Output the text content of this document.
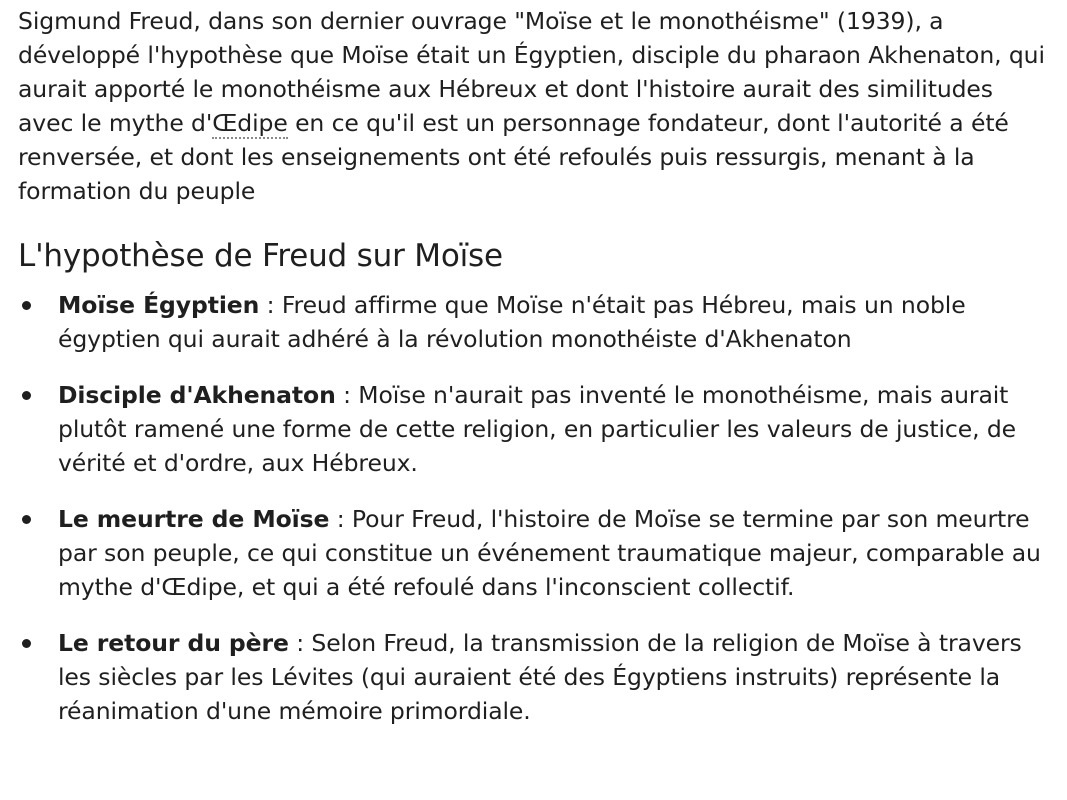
Sigmund Freud, dans son dernier ouvrage "Moïse et le monothéisme" (1939), a développé l'hypothèse que Moïse était un Égyptien, disciple du pharaon Akhenaton, qui aurait apporté le monothéisme aux Hébreux et dont l'histoire aurait des similitudes avec le mythe d'Œdipe en ce qu'il est un personnage fondateur, dont l'autorité a été renversée, et dont les enseignements ont été refoulés puis ressurgis, menant à la formation du peuple

L'hypothèse de Freud sur Moïse
Moïse Égyptien : Freud affirme que Moïse n'était pas Hébreu, mais un noble égyptien qui aurait adhéré à la révolution monothéiste d'Akhenaton
Disciple d'Akhenaton : Moïse n'aurait pas inventé le monothéisme, mais aurait plutôt ramené une forme de cette religion, en particulier les valeurs de justice, de vérité et d'ordre, aux Hébreux.
Le meurtre de Moïse : Pour Freud, l'histoire de Moïse se termine par son meurtre par son peuple, ce qui constitue un événement traumatique majeur, comparable au mythe d'Œdipe, et qui a été refoulé dans l'inconscient collectif.
Le retour du père : Selon Freud, la transmission de la religion de Moïse à travers les siècles par les Lévites (qui auraient été des Égyptiens instruits) représente la réanimation d'une mémoire primordiale.
